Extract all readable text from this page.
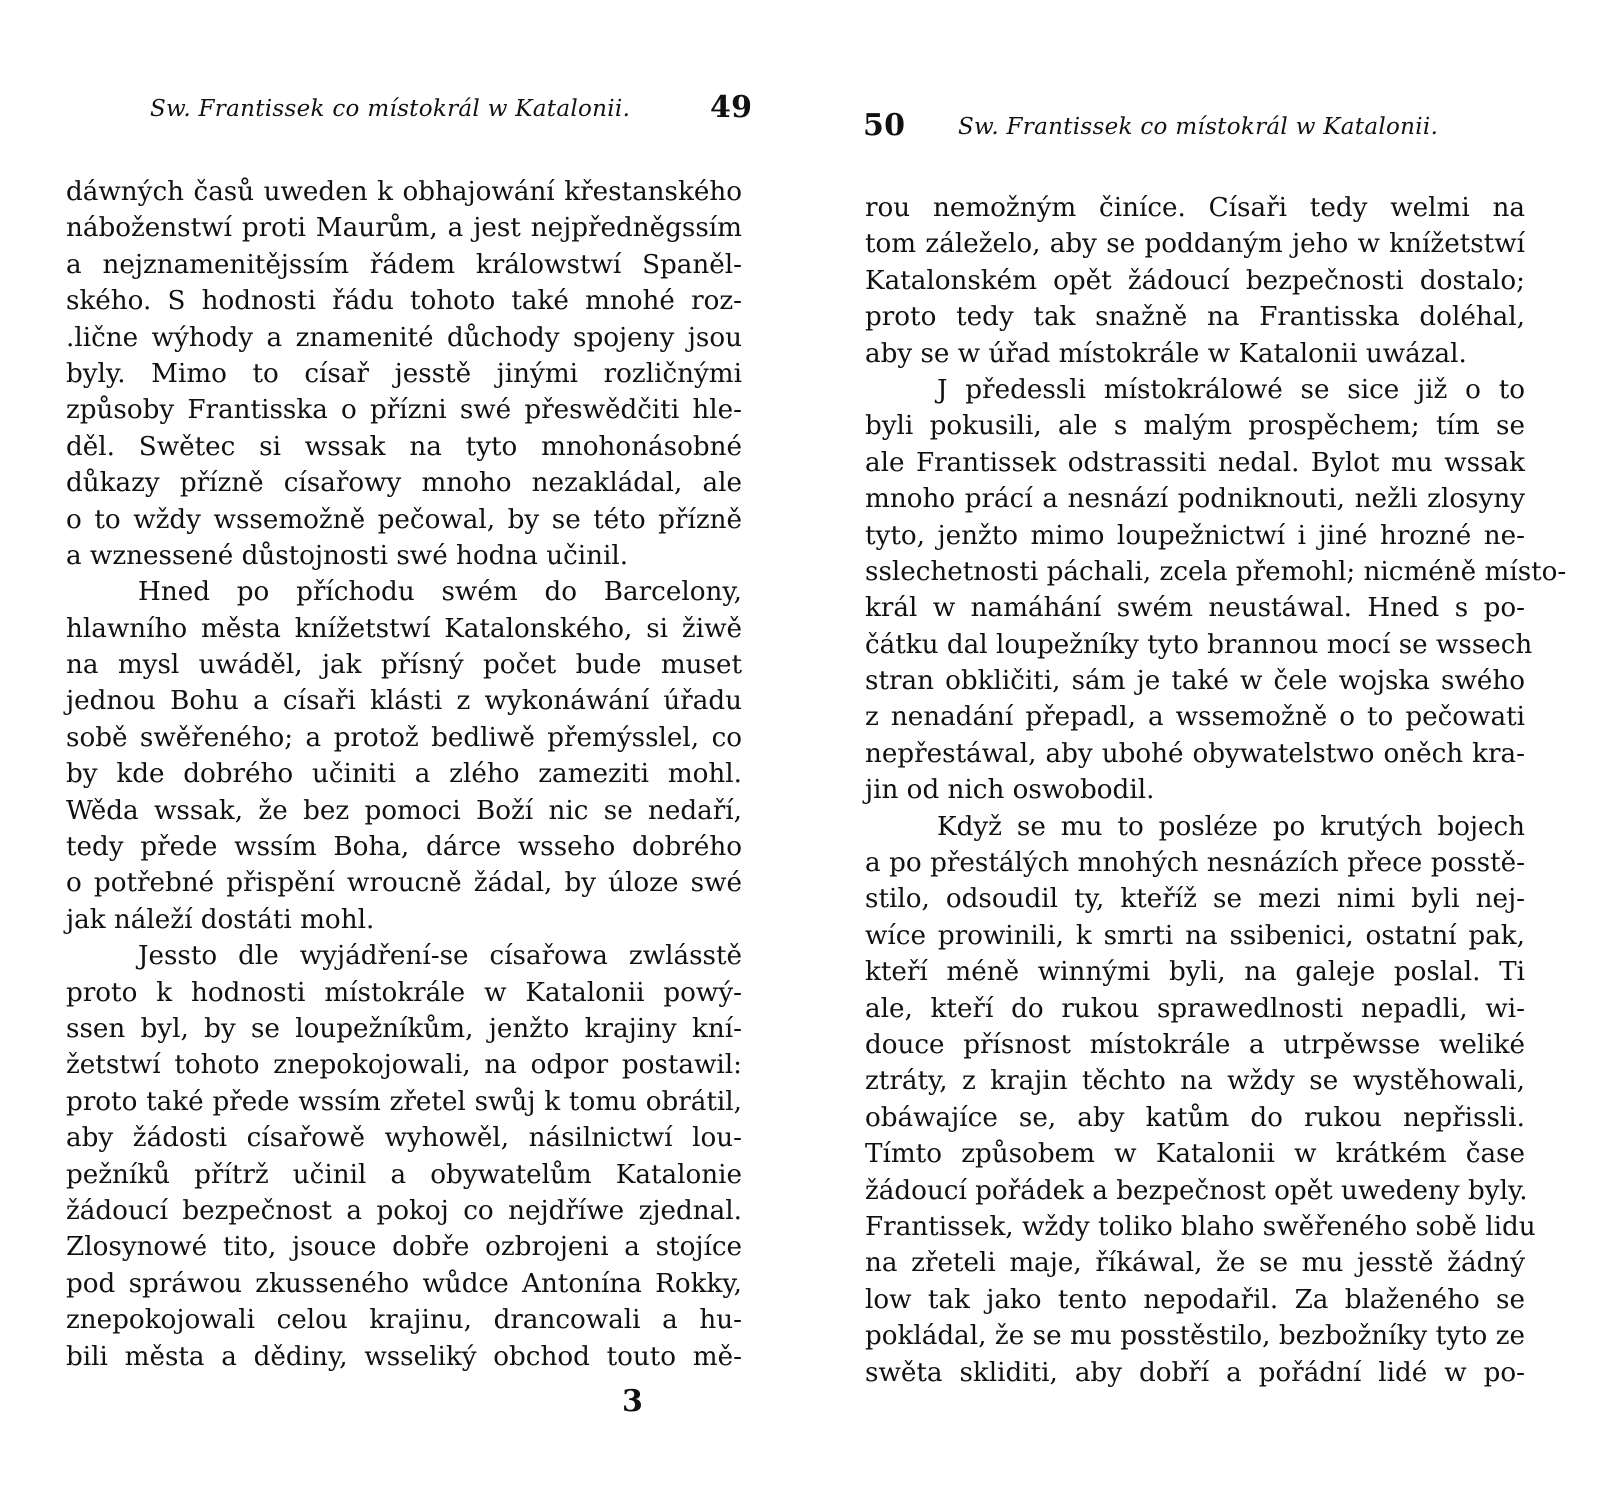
Sw. Frantissek co místokrál w Katalonii.	49
dáwných časů uweden k obhajowání křestanského
náboženstwí proti Maurům, a jest nejpředněgssím
a nejznamenitějssím řádem králowstwí Spaněl-
ského. S hodnosti řádu tohoto také mnohé roz-
.lične wýhody a znamenité důchody spojeny jsou
byly. Mimo to císař jesstě jinými rozličnými
způsoby Frantisska o přízni swé přeswědčiti hle-
děl. Swětec si wssak na tyto mnohonásobné
důkazy přízně císařowy mnoho nezakládal, ale
o to wždy wssemožně pečowal, by se této přízně
a wznessené důstojnosti swé hodna učinil.
Hned po příchodu swém do Barcelony,
hlawního města knížetstwí Katalonského, si žiwě
na mysl uwáděl, jak přísný počet bude muset
jednou Bohu a císaři klásti z wykonáwání úřadu
sobě swěřeného; a protož bedliwě přemýsslel, co
by kde dobrého učiniti a zlého zameziti mohl.
Wěda wssak, že bez pomoci Boží nic se nedaří,
tedy přede wssím Boha, dárce wsseho dobrého
o potřebné přispění wroucně žádal, by úloze swé
jak náleží dostáti mohl.
Jessto dle wyjádření-se císařowa zwlásstě
proto k hodnosti místokrále w Katalonii powý-
ssen byl, by se loupežníkům, jenžto krajiny kní-
žetstwí tohoto znepokojowali, na odpor postawil:
proto také přede wssím zřetel swůj k tomu obrátil,
aby žádosti císařowě wyhowěl, násilnictwí lou-
pežníků přítrž učinil a obywatelům Katalonie
žádoucí bezpečnost a pokoj co nejdříwe zjednal.
Zlosynowé tito, jsouce dobře ozbrojeni a stojíce
pod spráwou zkusseného wůdce Antonína Rokky,
znepokojowali celou krajinu, drancowali a hu-
bili města a dědiny, wsseliký obchod touto mě-
3
50 Sw. Frantissek co místokrál w Katalonii.
rou nemožným činíce. Císaři tedy welmi na
tom záleželo, aby se poddaným jeho w knížetstwí
Katalonském opět žádoucí bezpečnosti dostalo;
proto tedy tak snažně na Frantisska doléhal,
aby se w úřad místokrále w Katalonii uwázal.
J předessli místokrálowé se sice již o to
byli pokusili, ale s malým prospěchem; tím se
ale Frantissek odstrassiti nedal. Bylot mu wssak
mnoho prácí a nesnází podniknouti, nežli zlosyny
tyto, jenžto mimo loupežnictwí i jiné hrozné ne-
sslechetnosti páchali, zcela přemohl; nicméně místo-
král w namáhání swém neustáwal. Hned s po-
čátku dal loupežníky tyto brannou mocí se wssech
stran obkličiti, sám je také w čele wojska swého
z nenadání přepadl, a wssemožně o to pečowati
nepřestáwal, aby ubohé obywatelstwo oněch kra-
jin od nich oswobodil.
Když se mu to posléze po krutých bojech
a po přestálých mnohých nesnázích přece posstě-
stilo, odsoudil ty, kteříž se mezi nimi byli nej-
wíce prowinili, k smrti na ssibenici, ostatní pak,
kteří méně winnými byli, na galeje poslal. Ti
ale, kteří do rukou sprawedlnosti nepadli, wi-
douce přísnost místokrále a utrpěwsse weliké
ztráty, z krajin těchto na wždy se wystěhowali,
obáwajíce se, aby katům do rukou nepřissli.
Tímto způsobem w Katalonii w krátkém čase
žádoucí pořádek a bezpečnost opět uwedeny byly.
Frantissek, wždy toliko blaho swěřeného sobě lidu
na zřeteli maje, říkáwal, že se mu jesstě žádný
low tak jako tento nepodařil. Za blaženého se
pokládal, že se mu posstěstilo, bezbožníky tyto ze
swěta skliditi, aby dobří a pořádní lidé w po-
